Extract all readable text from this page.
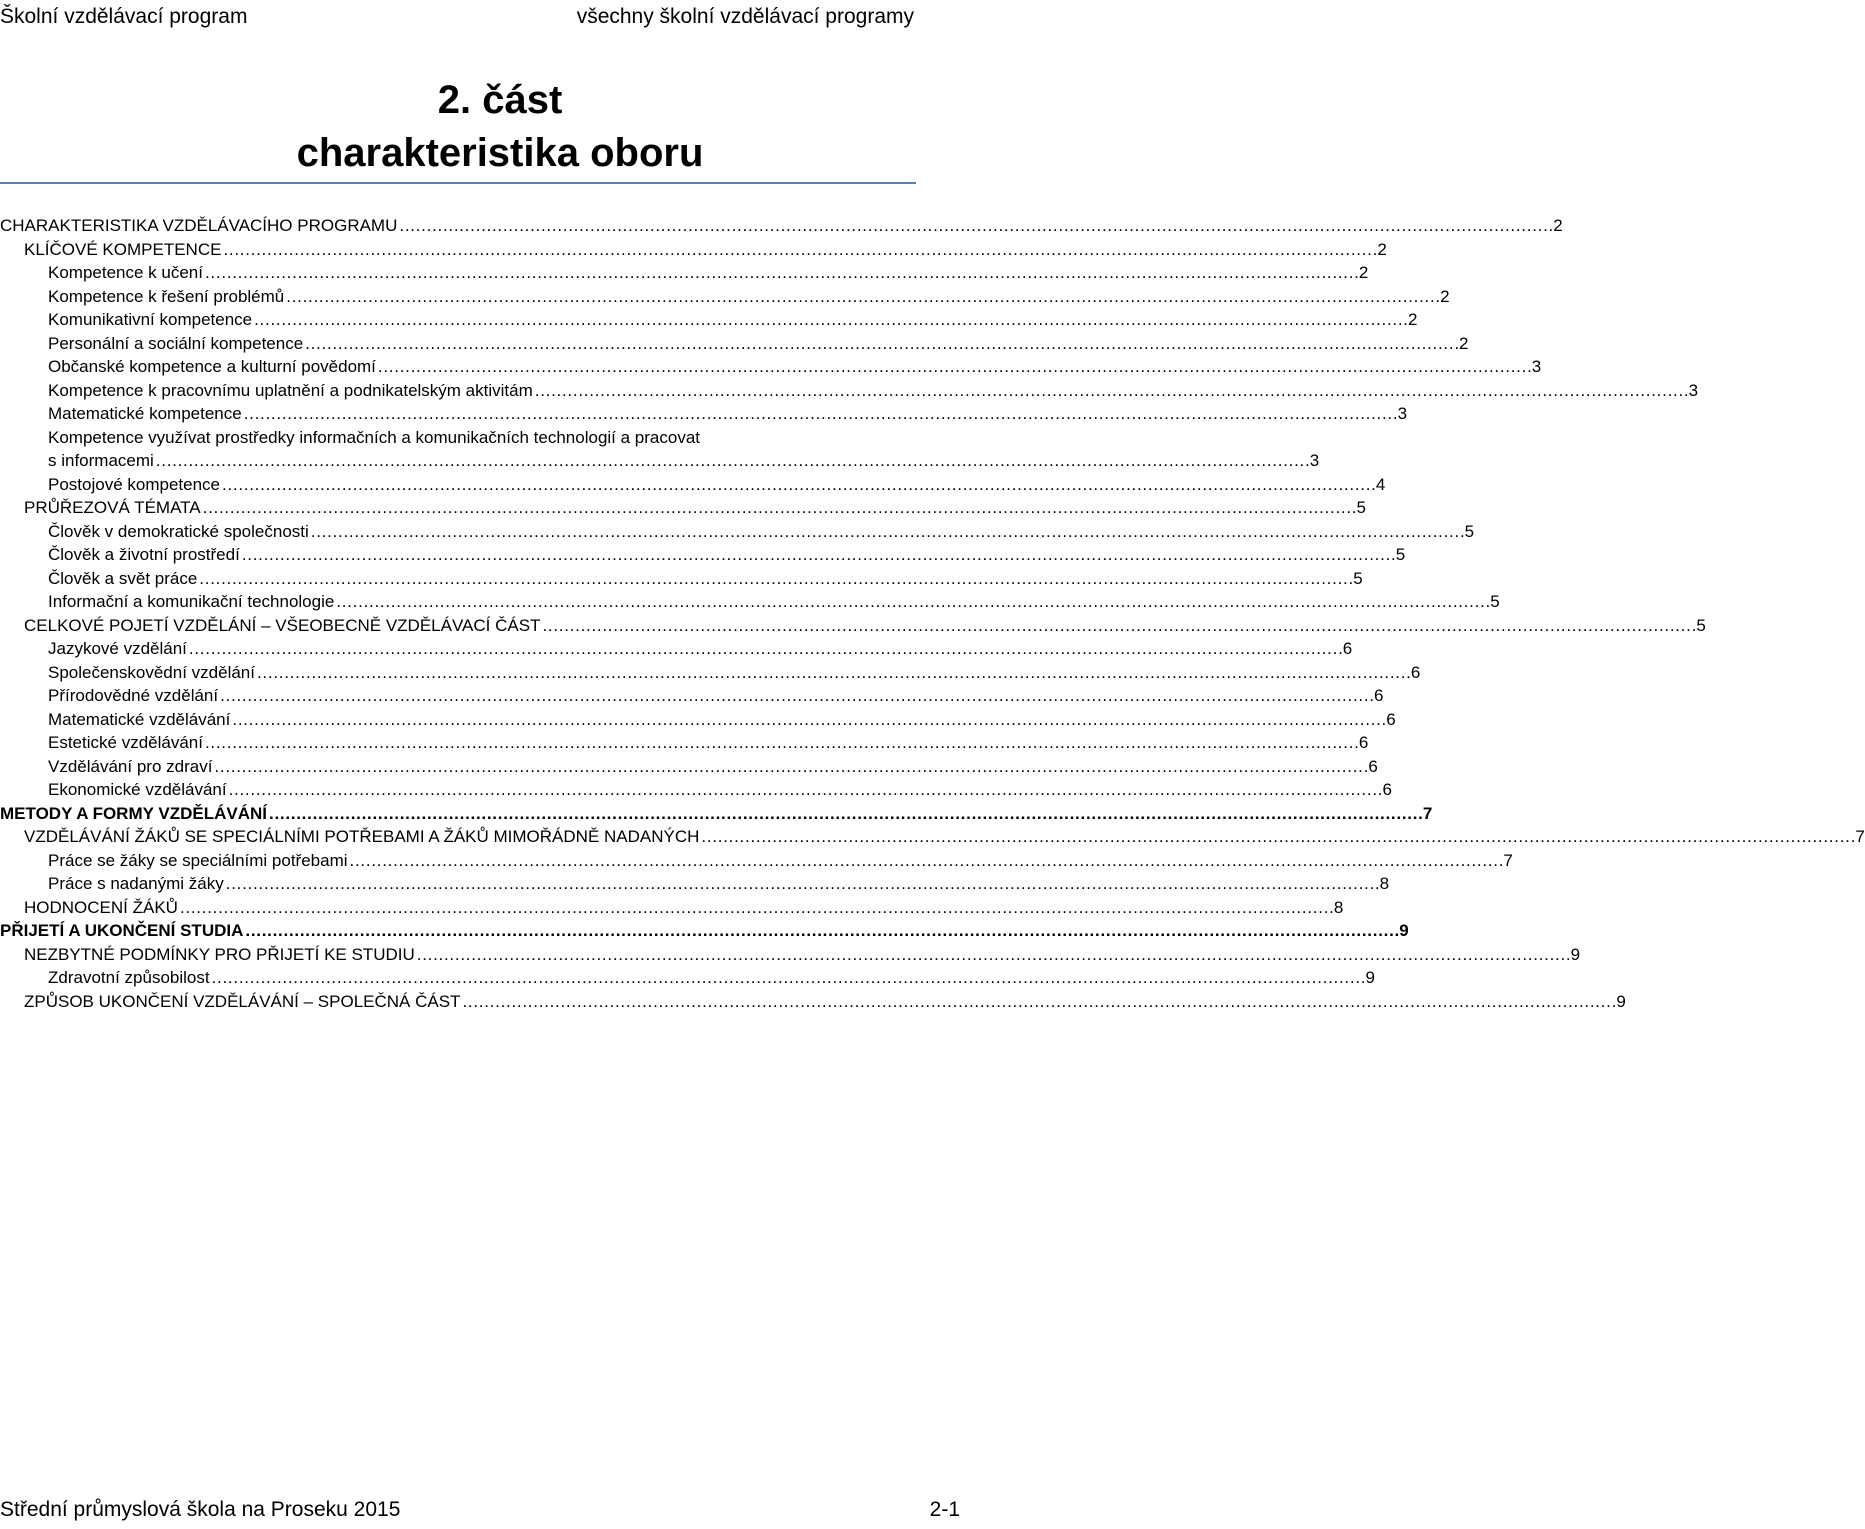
Školní vzdělávací program	všechny školní vzdělávací programy
2. část
charakteristika oboru
CHARAKTERISTIKA VZDĚLÁVACÍHO PROGRAMU . . .	2
KLÍČOVÉ KOMPETENCE . . .	2
Kompetence k učení . . .	2
Kompetence k řešení problémů . . .	2
Komunikativní kompetence . . .	2
Personální a sociální kompetence . . .	2
Občanské kompetence a kulturní povědomí . . .	3
Kompetence k pracovnímu uplatnění a podnikatelským aktivitám . . .	3
Matematické kompetence . . .	3
Kompetence využívat prostředky informačních a komunikačních technologií a pracovat
s informacemi . . .	3
Postojové kompetence . . .	4
PRŮŘEZOVÁ TÉMATA . . .	5
Člověk v demokratické společnosti . . .	5
Člověk a životní prostředí . . .	5
Člověk a svět práce . . .	5
Informační a komunikační technologie . . .	5
CELKOVÉ POJETÍ VZDĚLÁNÍ – VŠEOBECNĚ VZDĚLÁVACÍ ČÁST . . .	5
Jazykové vzdělání . . .	6
Společenskovědní vzdělání . . .	6
Přírodovědné vzdělání . . .	6
Matematické vzdělávání . . .	6
Estetické vzdělávání . . .	6
Vzdělávání pro zdraví . . .	6
Ekonomické vzdělávání . . .	6
METODY A FORMY VZDĚLÁVÁNÍ . . .	7
VZDĚLÁVÁNÍ ŽÁKŮ SE SPECIÁLNÍMI POTŘEBAMI A ŽÁKŮ MIMOŘÁDNĚ NADANÝCH . . .	7
Práce se žáky se speciálními potřebami . . .	7
Práce s nadanými žáky . . .	8
HODNOCENÍ ŽÁKŮ . . .	8
PŘIJETÍ A UKONČENÍ STUDIA . . .	9
NEZBYTNÉ PODMÍNKY PRO PŘIJETÍ KE STUDIU . . .	9
Zdravotní způsobilost . . .	9
ZPŮSOB UKONČENÍ VZDĚLÁVÁNÍ – SPOLEČNÁ ČÁST . . .	9
Střední průmyslová škola na Proseku 2015	2-1
